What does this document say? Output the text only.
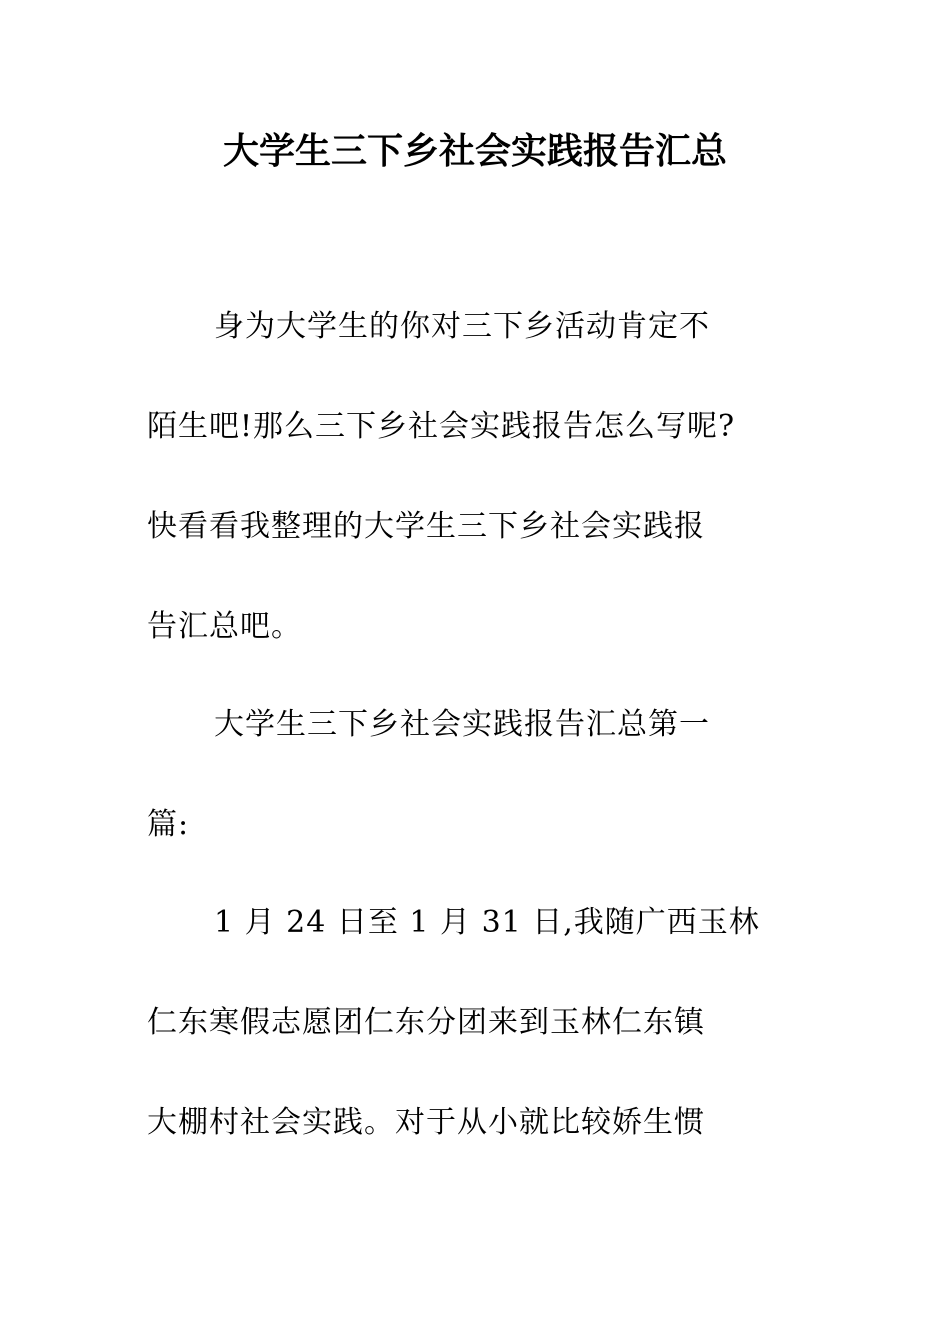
大学生三下乡社会实践报告汇总
身为大学生的你对三下乡活动肯定不
陌生吧!那么三下乡社会实践报告怎么写呢?
快看看我整理的大学生三下乡社会实践报
告汇总吧。
大学生三下乡社会实践报告汇总第一
篇:
1 月 24 日至 1 月 31 日,我随广西玉林
仁东寒假志愿团仁东分团来到玉林仁东镇
大棚村社会实践。对于从小就比较娇生惯
